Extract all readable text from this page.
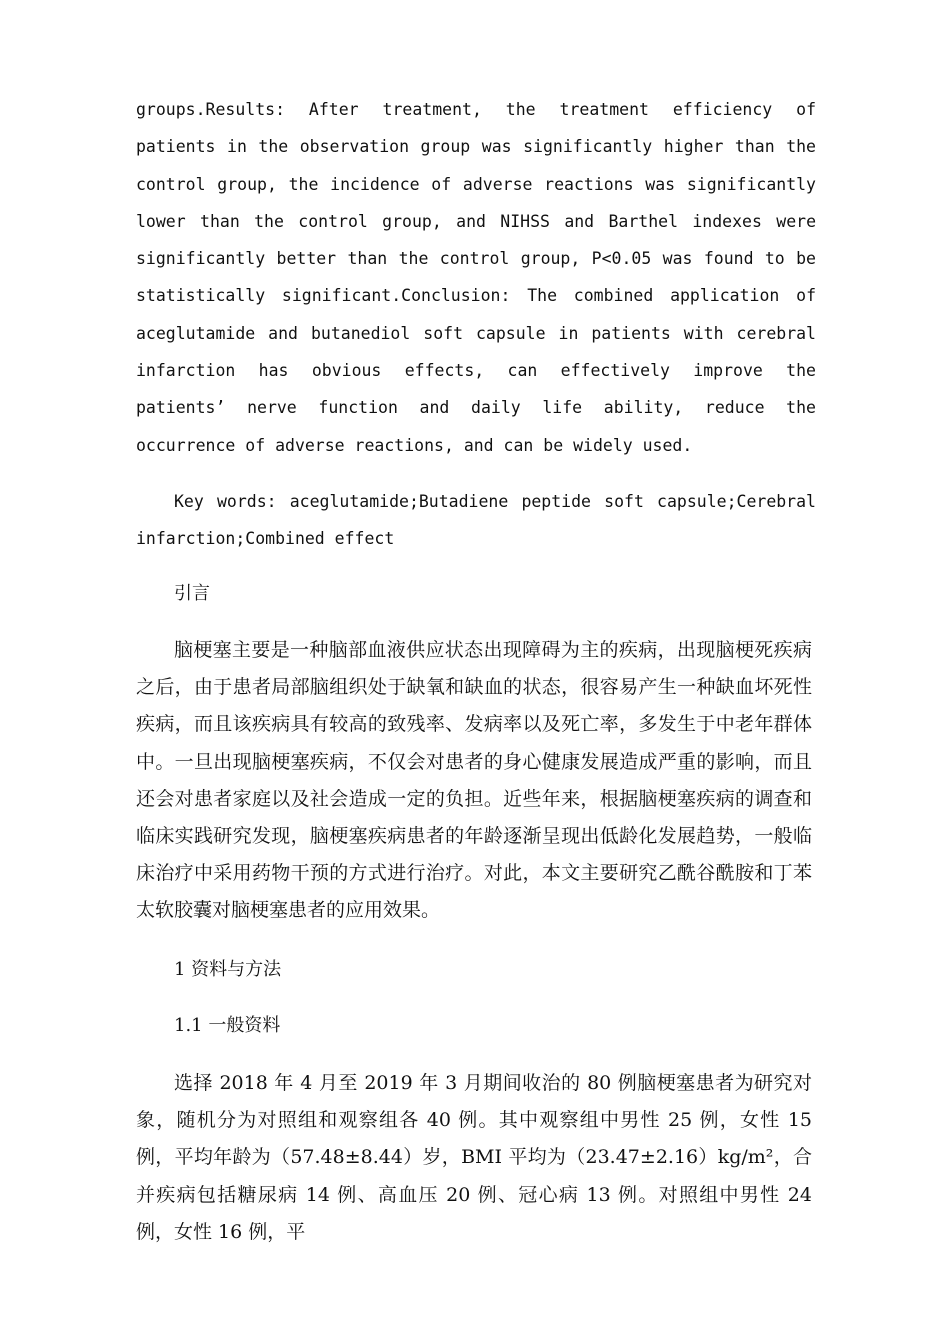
groups.Results: After treatment, the treatment efficiency of patients in the observation group was significantly higher than the control group, the incidence of adverse reactions was significantly lower than the control group, and NIHSS and Barthel indexes were significantly better than the control group, P<0.05 was found to be statistically significant.Conclusion: The combined application of aceglutamide and butanediol soft capsule in patients with cerebral infarction has obvious effects, can effectively improve the patients’ nerve function and daily life ability, reduce the occurrence of adverse reactions, and can be widely used.

Key words: aceglutamide;Butadiene peptide soft capsule;Cerebral infarction;Combined effect

引言

脑梗塞主要是一种脑部血液供应状态出现障碍为主的疾病，出现脑梗死疾病之后，由于患者局部脑组织处于缺氧和缺血的状态，很容易产生一种缺血坏死性疾病，而且该疾病具有较高的致残率、发病率以及死亡率，多发生于中老年群体中。一旦出现脑梗塞疾病，不仅会对患者的身心健康发展造成严重的影响，而且还会对患者家庭以及社会造成一定的负担。近些年来，根据脑梗塞疾病的调查和临床实践研究发现，脑梗塞疾病患者的年龄逐渐呈现出低龄化发展趋势，一般临床治疗中采用药物干预的方式进行治疗。对此，本文主要研究乙酰谷酰胺和丁苯太软胶囊对脑梗塞患者的应用效果。

1 资料与方法
1.1 一般资料

选择 2018 年 4 月至 2019 年 3 月期间收治的 80 例脑梗塞患者为研究对象，随机分为对照组和观察组各 40 例。其中观察组中男性 25 例，女性 15 例，平均年龄为（57.48±8.44）岁，BMI 平均为（23.47±2.16）kg/m²，合并疾病包括糖尿病 14 例、高血压 20 例、冠心病 13 例。对照组中男性 24 例，女性 16 例，平
